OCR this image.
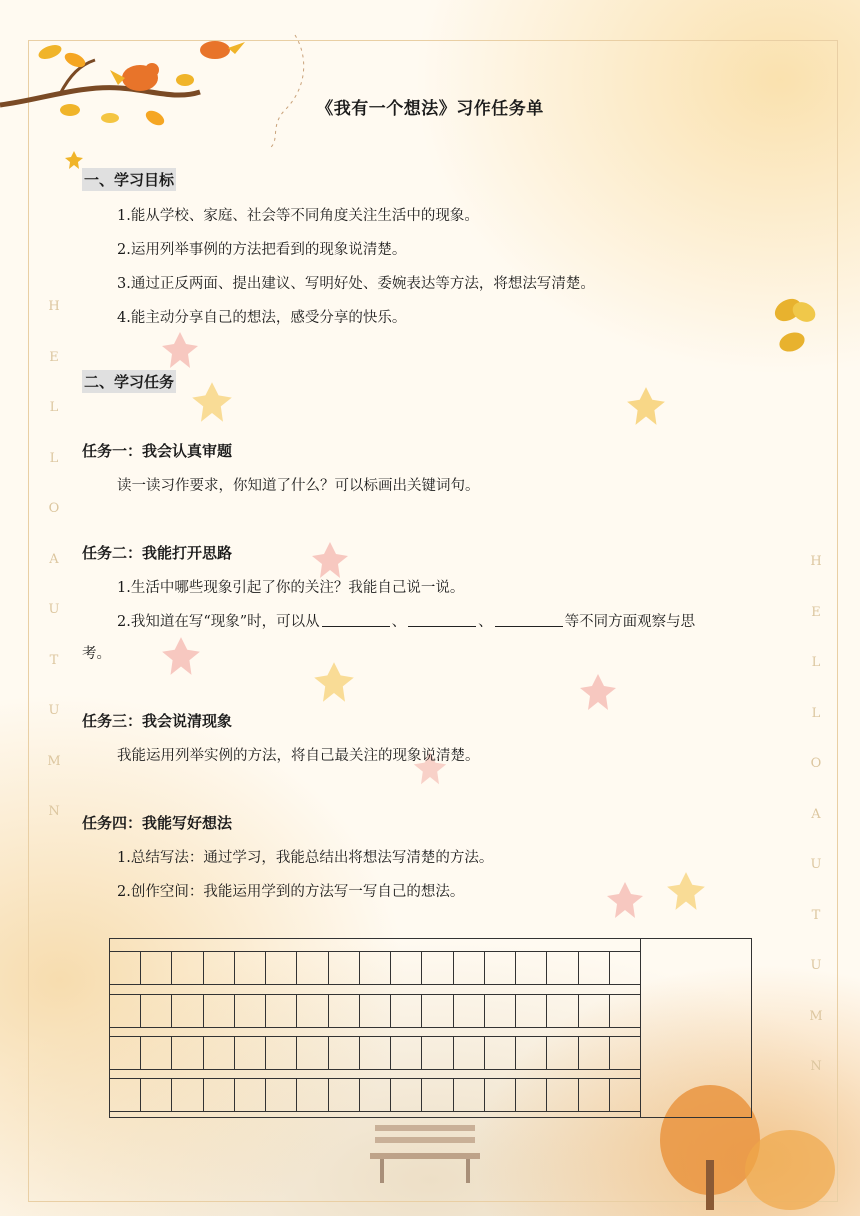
H
E
L
L
O
A
U
T
U
M
N
H
E
L
L
O
A
U
T
U
M
N
《我有一个想法》习作任务单
一、学习目标
1.能从学校、家庭、社会等不同角度关注生活中的现象。
2.运用列举事例的方法把看到的现象说清楚。
3.通过正反两面、提出建议、写明好处、委婉表达等方法，将想法写清楚。
4.能主动分享自己的想法，感受分享的快乐。
二、学习任务
任务一：我会认真审题
读一读习作要求，你知道了什么？可以标画出关键词句。
任务二：我能打开思路
1.生活中哪些现象引起了你的关注？我能自己说一说。
2.我知道在写“现象”时，可以从	、	、	等不同方面观察与思
考。
任务三：我会说清现象
我能运用列举实例的方法，将自己最关注的现象说清楚。
任务四：我能写好想法
1.总结写法：通过学习，我能总结出将想法写清楚的方法。
2.创作空间：我能运用学到的方法写一写自己的想法。
